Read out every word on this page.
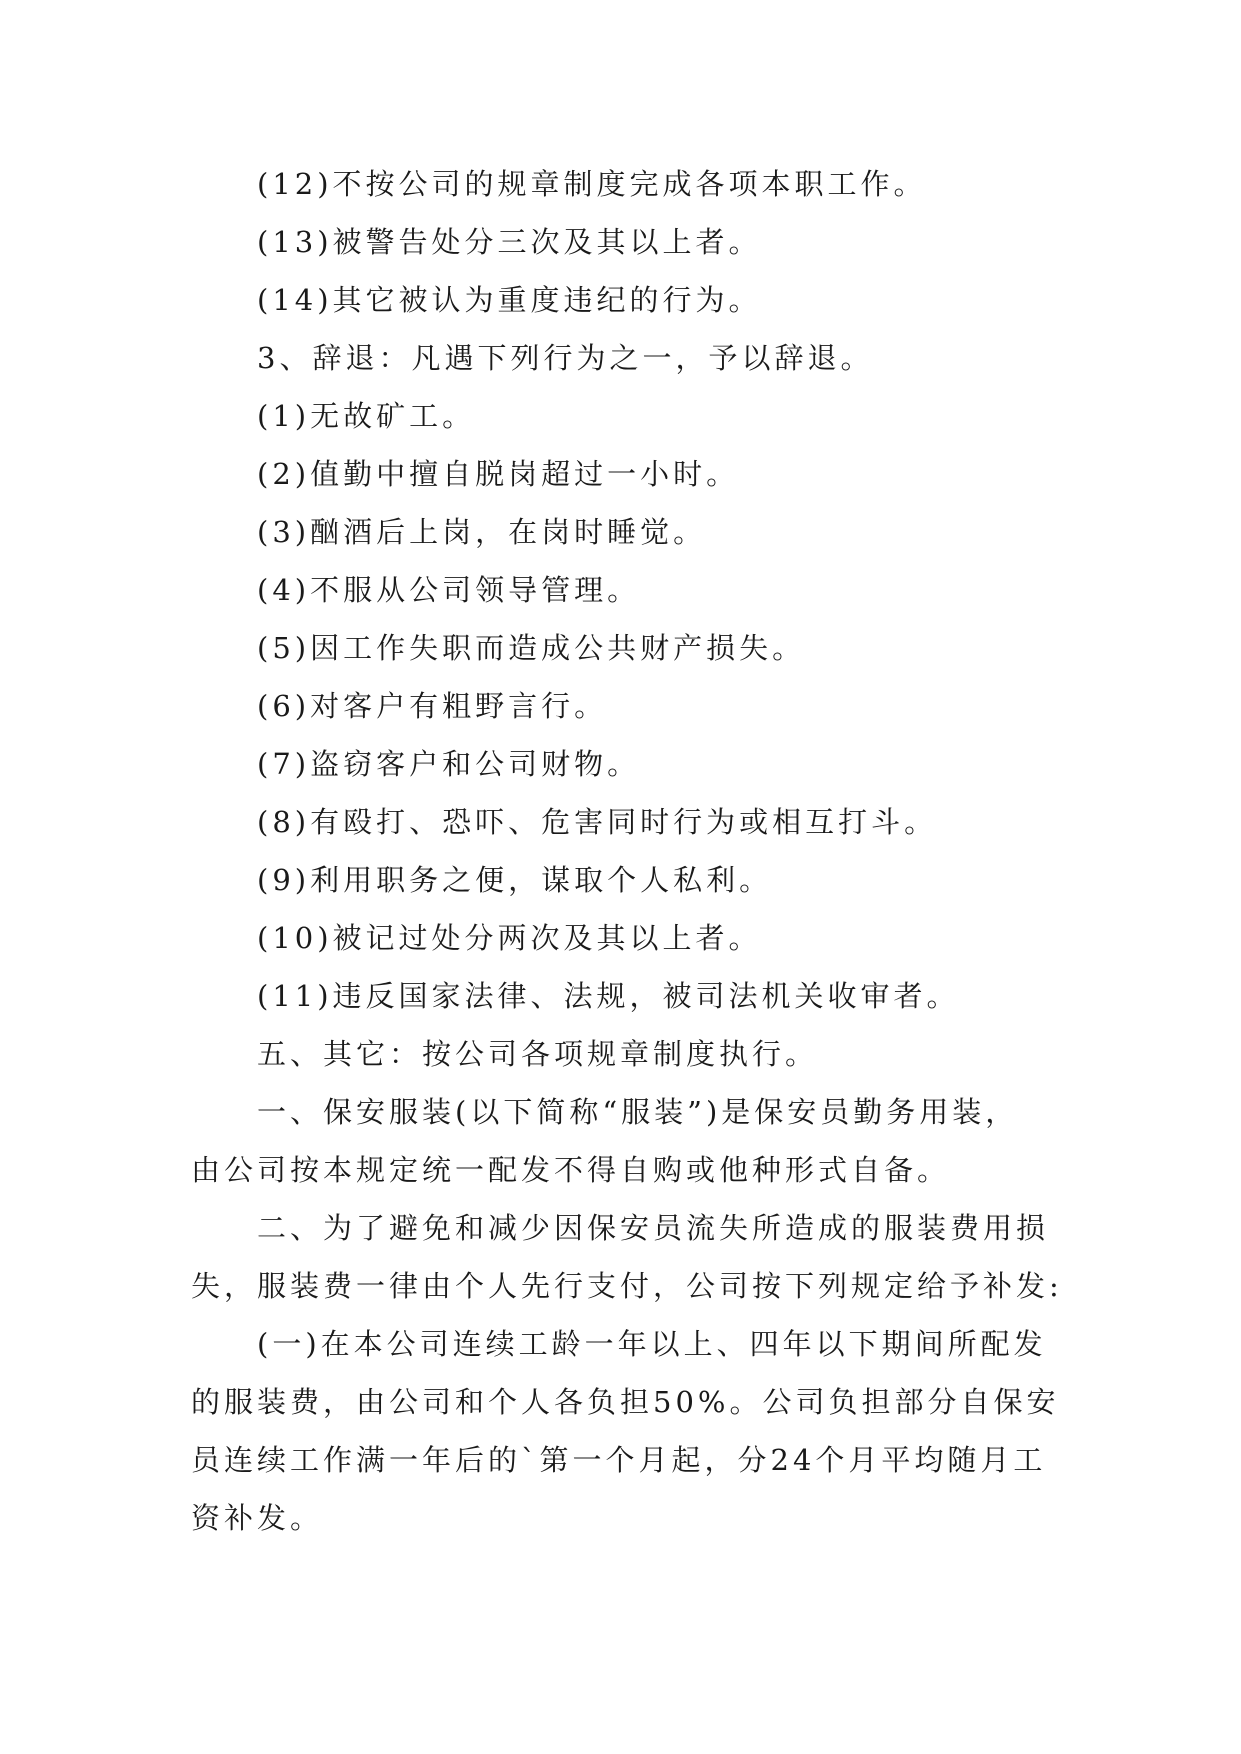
(12)不按公司的规章制度完成各项本职工作。
(13)被警告处分三次及其以上者。
(14)其它被认为重度违纪的行为。
3、辞退：凡遇下列行为之一，予以辞退。
(1)无故矿工。
(2)值勤中擅自脱岗超过一小时。
(3)酗酒后上岗，在岗时睡觉。
(4)不服从公司领导管理。
(5)因工作失职而造成公共财产损失。
(6)对客户有粗野言行。
(7)盗窃客户和公司财物。
(8)有殴打、恐吓、危害同时行为或相互打斗。
(9)利用职务之便，谋取个人私利。
(10)被记过处分两次及其以上者。
(11)违反国家法律、法规，被司法机关收审者。
五、其它：按公司各项规章制度执行。
一、保安服装(以下简称“服装”)是保安员勤务用装，
由公司按本规定统一配发不得自购或他种形式自备。
二、为了避免和减少因保安员流失所造成的服装费用损
失，服装费一律由个人先行支付，公司按下列规定给予补发:
(一)在本公司连续工龄一年以上、四年以下期间所配发
的服装费，由公司和个人各负担50%。公司负担部分自保安
员连续工作满一年后的`第一个月起，分24个月平均随月工
资补发。
